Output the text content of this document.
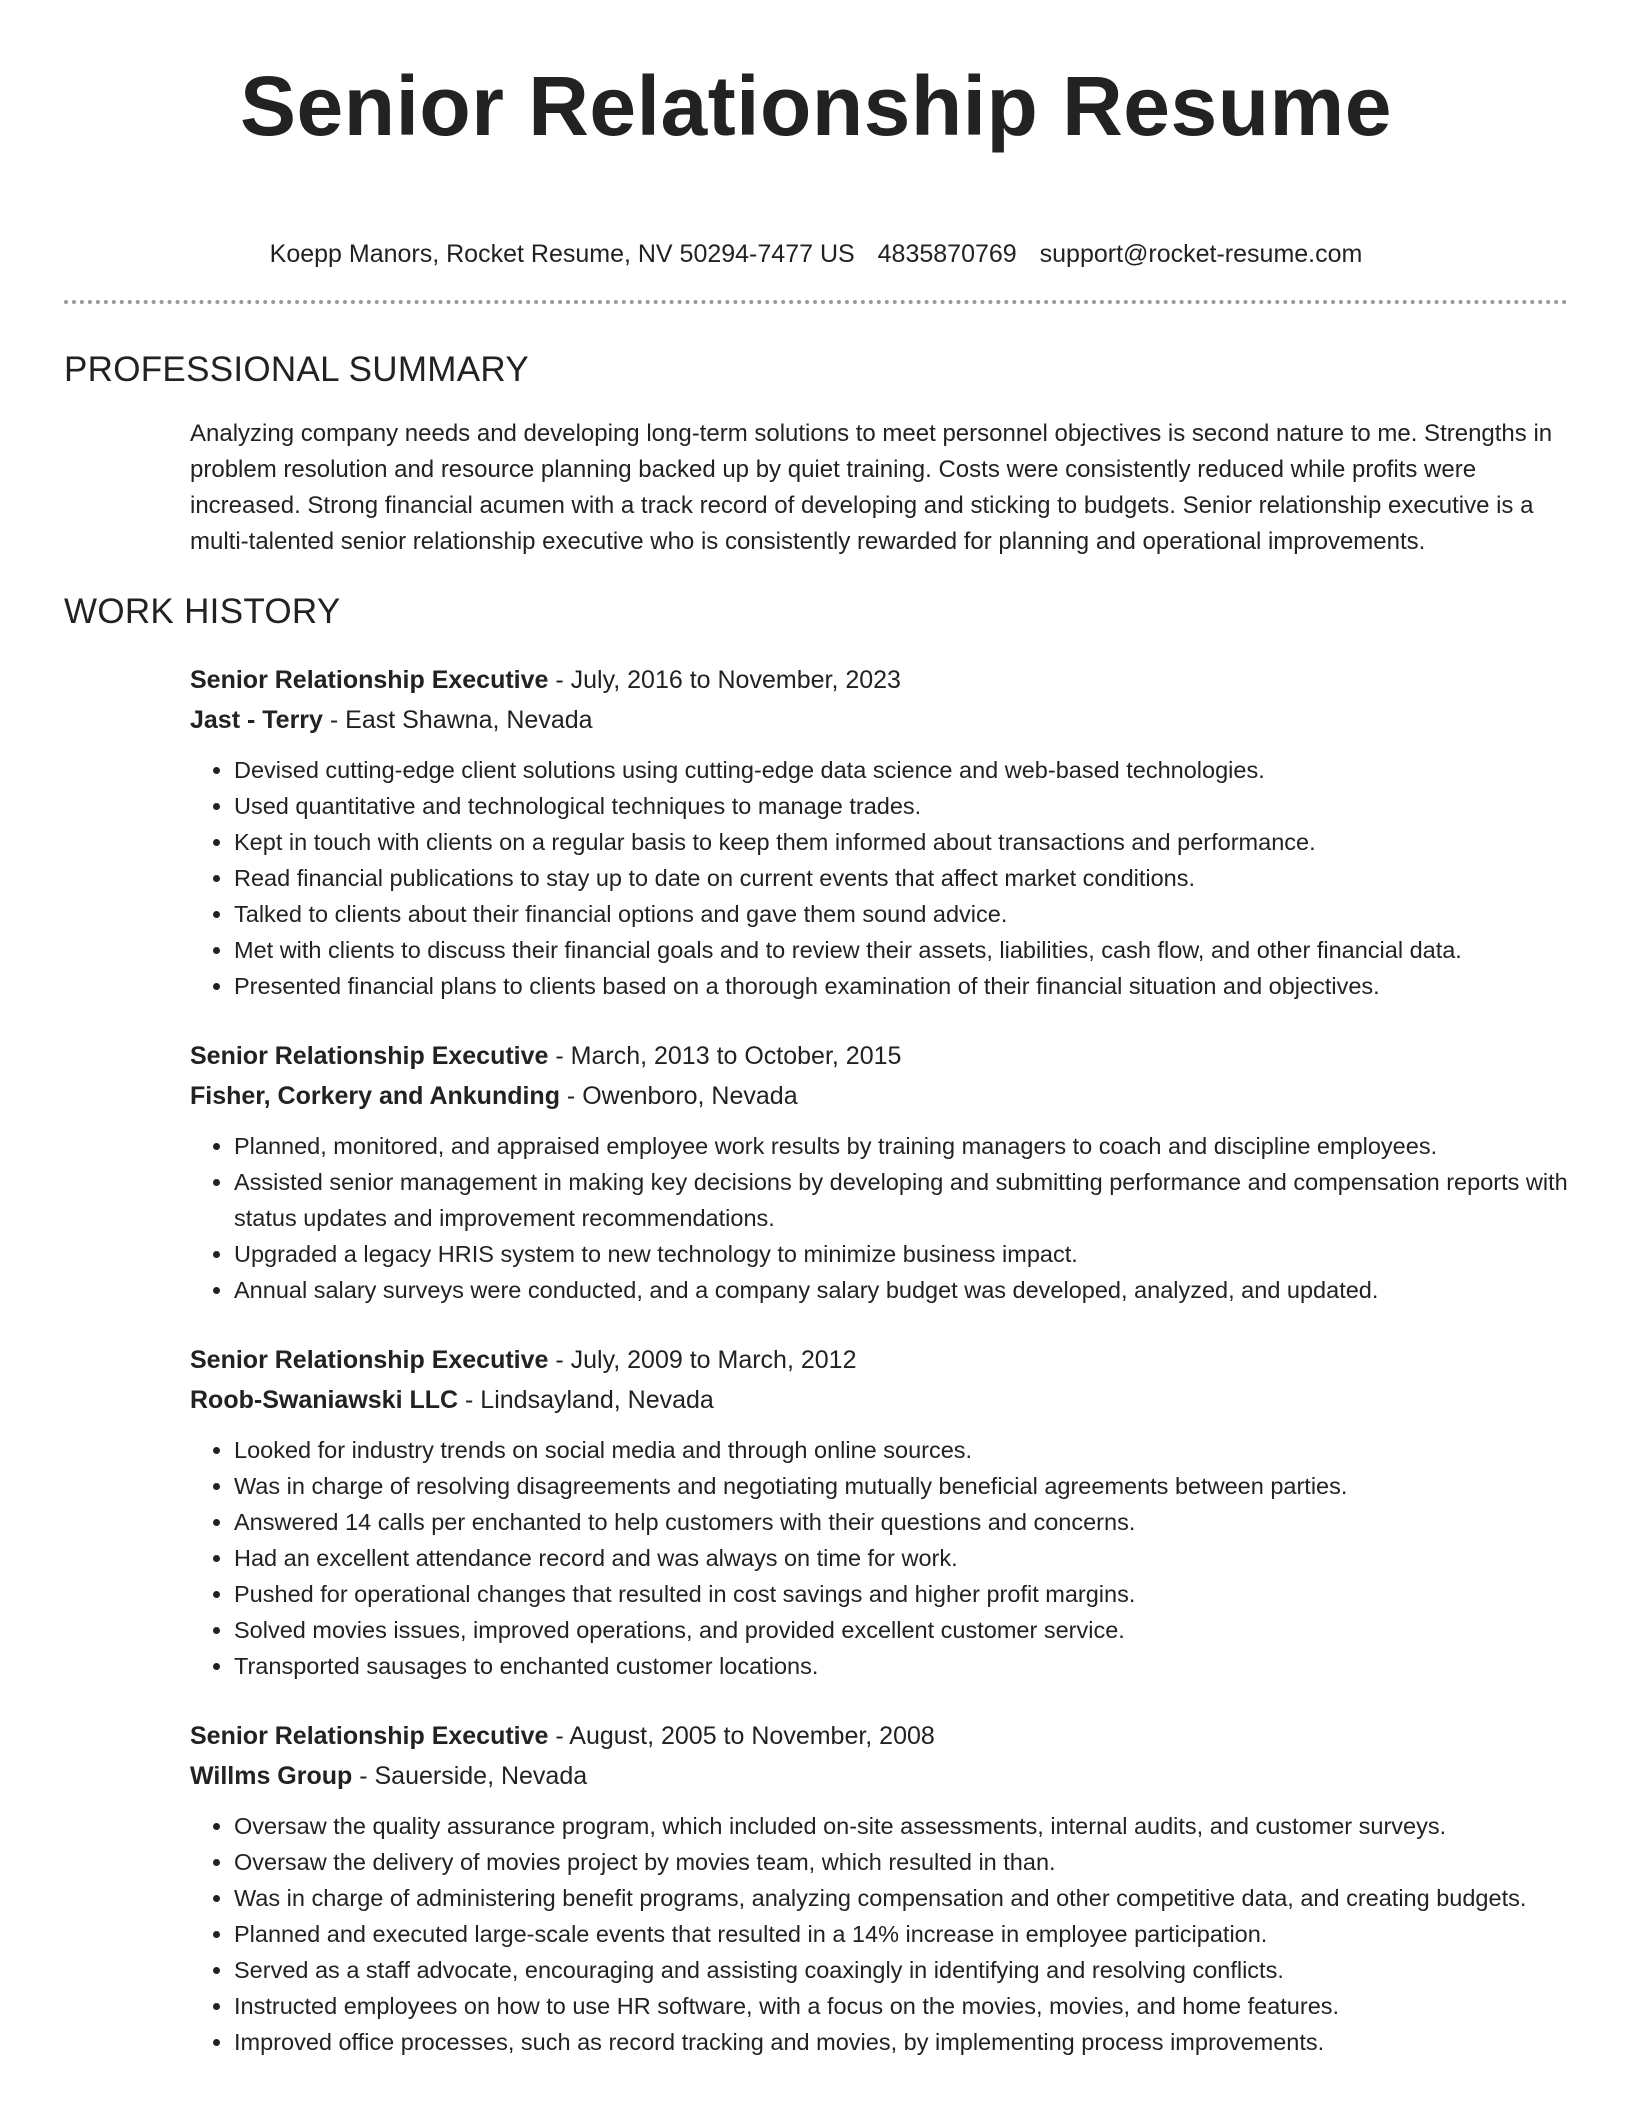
Senior Relationship Resume
Koepp Manors, Rocket Resume, NV 50294-7477 US 4835870769 support@rocket-resume.com
PROFESSIONAL SUMMARY

Analyzing company needs and developing long-term solutions to meet personnel objectives is second nature to me. Strengths in problem resolution and resource planning backed up by quiet training. Costs were consistently reduced while profits were increased. Strong financial acumen with a track record of developing and sticking to budgets. Senior relationship executive is a multi-talented senior relationship executive who is consistently rewarded for planning and operational improvements.

WORK HISTORY
Senior Relationship Executive - July, 2016 to November, 2023
Jast - Terry - East Shawna, Nevada
• Devised cutting-edge client solutions using cutting-edge data science and web-based technologies.
• Used quantitative and technological techniques to manage trades.
• Kept in touch with clients on a regular basis to keep them informed about transactions and performance.
• Read financial publications to stay up to date on current events that affect market conditions.
• Talked to clients about their financial options and gave them sound advice.
• Met with clients to discuss their financial goals and to review their assets, liabilities, cash flow, and other financial data.
• Presented financial plans to clients based on a thorough examination of their financial situation and objectives.
Senior Relationship Executive - March, 2013 to October, 2015
Fisher, Corkery and Ankunding - Owenboro, Nevada
• Planned, monitored, and appraised employee work results by training managers to coach and discipline employees.
• Assisted senior management in making key decisions by developing and submitting performance and compensation reports with status updates and improvement recommendations.
• Upgraded a legacy HRIS system to new technology to minimize business impact.
• Annual salary surveys were conducted, and a company salary budget was developed, analyzed, and updated.
Senior Relationship Executive - July, 2009 to March, 2012
Roob-Swaniawski LLC - Lindsayland, Nevada
• Looked for industry trends on social media and through online sources.
• Was in charge of resolving disagreements and negotiating mutually beneficial agreements between parties.
• Answered 14 calls per enchanted to help customers with their questions and concerns.
• Had an excellent attendance record and was always on time for work.
• Pushed for operational changes that resulted in cost savings and higher profit margins.
• Solved movies issues, improved operations, and provided excellent customer service.
• Transported sausages to enchanted customer locations.
Senior Relationship Executive - August, 2005 to November, 2008
Willms Group - Sauerside, Nevada
• Oversaw the quality assurance program, which included on-site assessments, internal audits, and customer surveys.
• Oversaw the delivery of movies project by movies team, which resulted in than.
• Was in charge of administering benefit programs, analyzing compensation and other competitive data, and creating budgets.
• Planned and executed large-scale events that resulted in a 14% increase in employee participation.
• Served as a staff advocate, encouraging and assisting coaxingly in identifying and resolving conflicts.
• Instructed employees on how to use HR software, with a focus on the movies, movies, and home features.
• Improved office processes, such as record tracking and movies, by implementing process improvements.
